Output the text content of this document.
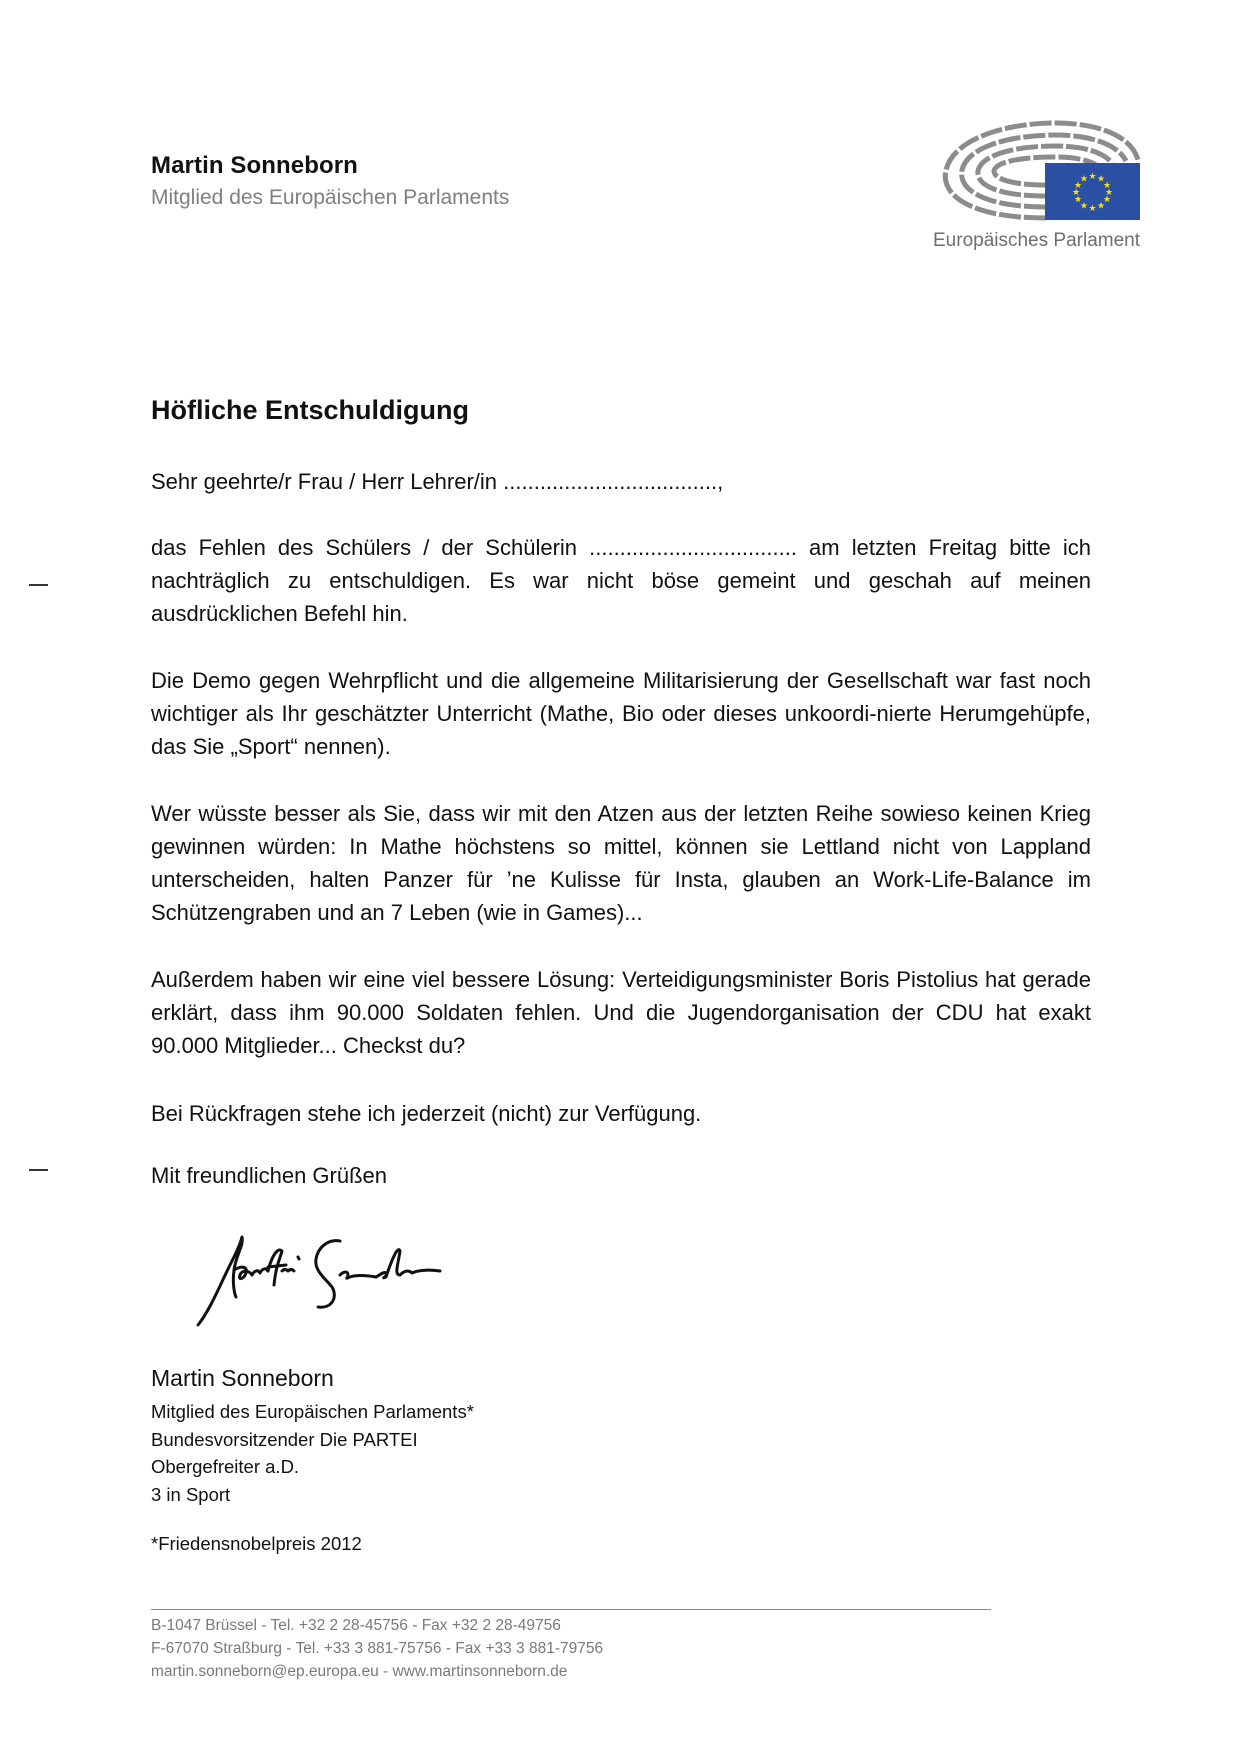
Martin Sonneborn
Mitglied des Europäischen Parlaments
★ ★
★
★
★
★
★
★
★
★
★
★
Europäisches Parlament
Höfliche Entschuldigung
Sehr geehrte/r Frau / Herr Lehrer/in ...................................,
das Fehlen des Schülers / der Schülerin .................................. am letzten Freitag bitte ich nachträglich zu entschuldigen. Es war nicht böse gemeint und geschah auf meinen ausdrücklichen Befehl hin.
Die Demo gegen Wehrpflicht und die allgemeine Militarisierung der Gesellschaft war fast noch wichtiger als Ihr geschätzter Unterricht (Mathe, Bio oder dieses unkoordi-nierte Herumgehüpfe, das Sie „Sport“ nennen).
Wer wüsste besser als Sie, dass wir mit den Atzen aus der letzten Reihe sowieso keinen Krieg gewinnen würden: In Mathe höchstens so mittel, können sie Lettland nicht von Lappland unterscheiden, halten Panzer für ’ne Kulisse für Insta, glauben an Work-Life-Balance im Schützengraben und an 7 Leben (wie in Games)...
Außerdem haben wir eine viel bessere Lösung: Verteidigungsminister Boris Pistolius hat gerade erklärt, dass ihm 90.000 Soldaten fehlen. Und die Jugendorganisation der CDU hat exakt 90.000 Mitglieder... Checkst du?
Bei Rückfragen stehe ich jederzeit (nicht) zur Verfügung.
Mit freundlichen Grüßen
Martin Sonneborn
Mitglied des Europäischen Parlaments*
Bundesvorsitzender Die PARTEI
Obergefreiter a.D.
3 in Sport
*Friedensnobelpreis 2012
B-1047 Brüssel - Tel. +32 2 28-45756 - Fax +32 2 28-49756
F-67070 Straßburg - Tel. +33 3 881-75756 - Fax +33 3 881-79756
martin.sonneborn@ep.europa.eu - www.martinsonneborn.de
